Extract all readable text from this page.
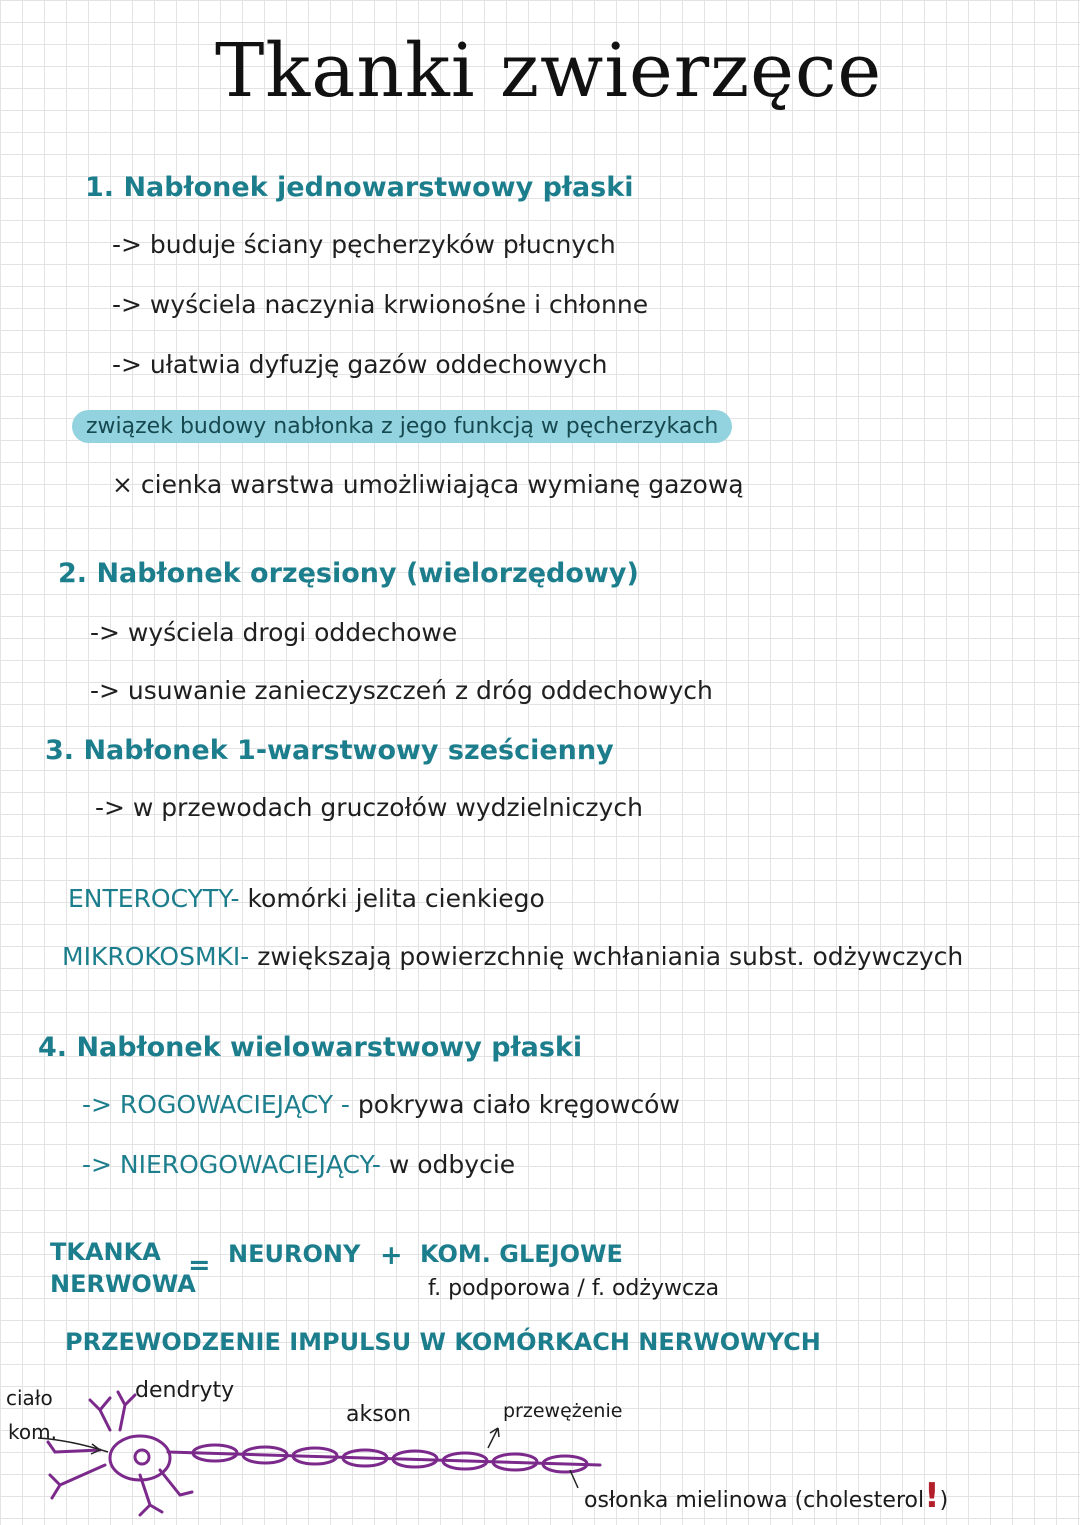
Tkanki zwierzęce
1. Nabłonek jednowarstwowy płaski
-> buduje ściany pęcherzyków płucnych
-> wyściela naczynia krwionośne i chłonne
-> ułatwia dyfuzję gazów oddechowych
związek budowy nabłonka z jego funkcją w pęcherzykach
× cienka warstwa umożliwiająca wymianę gazową
2. Nabłonek orzęsiony (wielorzędowy)
-> wyściela drogi oddechowe
-> usuwanie zanieczyszczeń z dróg oddechowych
3. Nabłonek 1-warstwowy sześcienny
-> w przewodach gruczołów wydzielniczych
ENTEROCYTY- komórki jelita cienkiego
MIKROKOSMKI- zwiększają powierzchnię wchłaniania subst. odżywczych
4. Nabłonek wielowarstwowy płaski
-> ROGOWACIEJĄCY - pokrywa ciało kręgowców
-> NIEROGOWACIEJĄCY- w odbycie
TKANKA
NERWOWA
= NEURONY + KOM. GLEJOWE
f. podporowa / f. odżywcza
PRZEWODZENIE IMPULSU W KOMÓRKACH NERWOWYCH
ciało
kom.
dendryty
akson	przewężenie
osłonka mielinowa (cholesterol!)
